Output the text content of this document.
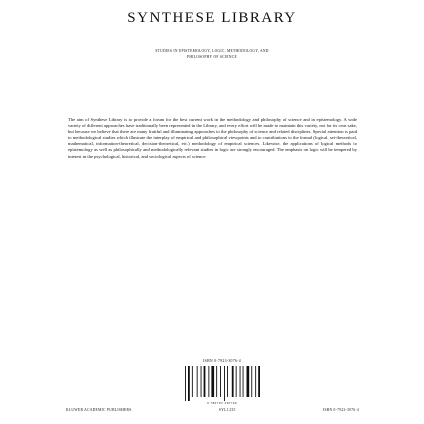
SYNTHESE LIBRARY
STUDIES IN EPISTEMOLOGY, LOGIC, METHODOLOGY, AND
PHILOSOPHY OF SCIENCE

The aim of Synthese Library is to provide a forum for the best current work in the methodology and philosophy of science and in epistemology. A wide variety of different approaches have traditionally been represented in the Library, and every effort will be made to maintain this variety, not for its own sake, but because we believe that there are many fruitful and illuminating approaches to the philosophy of science and related disciplines. Special attention is paid to methodological studies which illustrate the interplay of empirical and philosophical viewpoints and to contributions to the formal (logical, set-theoretical, mathematical, information-theoretical, decision-theoretical, etc.) methodology of empirical sciences. Likewise, the applications of logical methods to epistemology as well as philosophically and methodologically relevant studies in logic are strongly encouraged. The emphasis on logic will be tempered by interest in the psychological, historical, and sociological aspects of science.

ISBN 0-7923-3076-4
9 780792 330769
KLUWER ACADEMIC PUBLISHERS	SYLI 235	ISBN 0-7923-3076-4
